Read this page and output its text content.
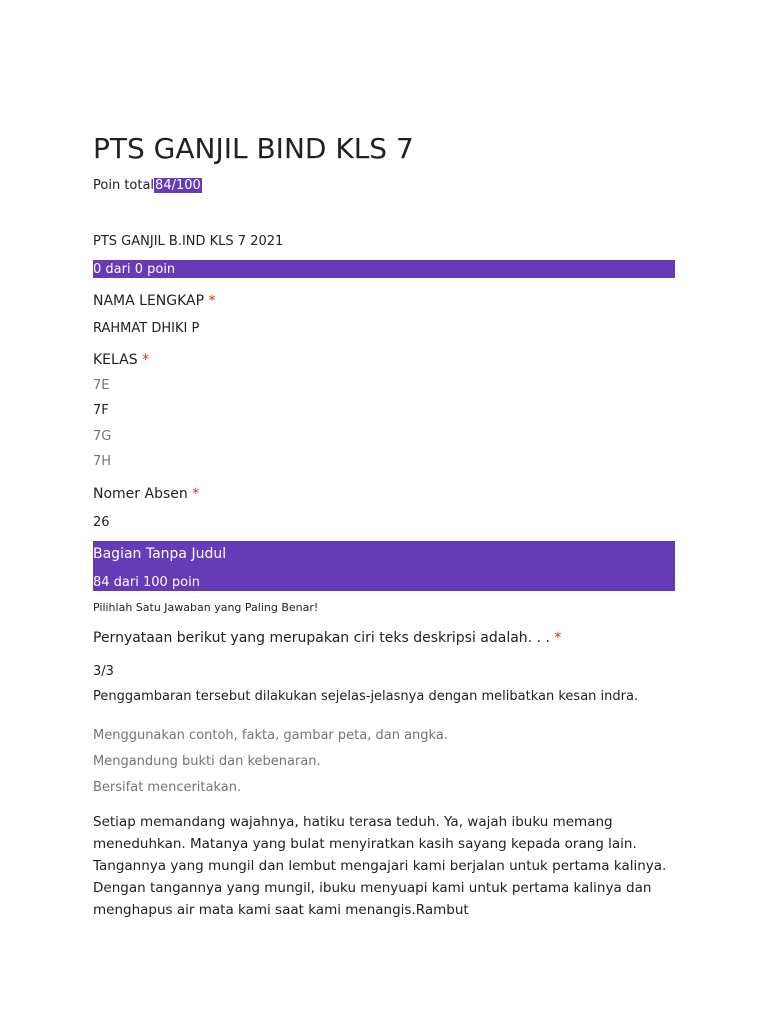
PTS GANJIL BIND KLS 7
Poin total84/100
PTS GANJIL B.IND KLS 7 2021
0 dari 0 poin
NAMA LENGKAP *
RAHMAT DHIKI P
KELAS *
7E
7F
7G
7H
Nomer Absen *
26
Bagian Tanpa Judul
84 dari 100 poin
Pilihlah Satu Jawaban yang Paling Benar!
Pernyataan berikut yang merupakan ciri teks deskripsi adalah. . . *
3/3
Penggambaran tersebut dilakukan sejelas-jelasnya dengan melibatkan kesan indra.
Menggunakan contoh, fakta, gambar peta, dan angka.
Mengandung bukti dan kebenaran.
Bersifat menceritakan.
Setiap memandang wajahnya, hatiku terasa teduh. Ya, wajah ibuku memang meneduhkan. Matanya yang bulat menyiratkan kasih sayang kepada orang lain. Tangannya yang mungil dan lembut mengajari kami berjalan untuk pertama kalinya. Dengan tangannya yang mungil, ibuku menyuapi kami untuk pertama kalinya dan menghapus air mata kami saat kami menangis.Rambut
